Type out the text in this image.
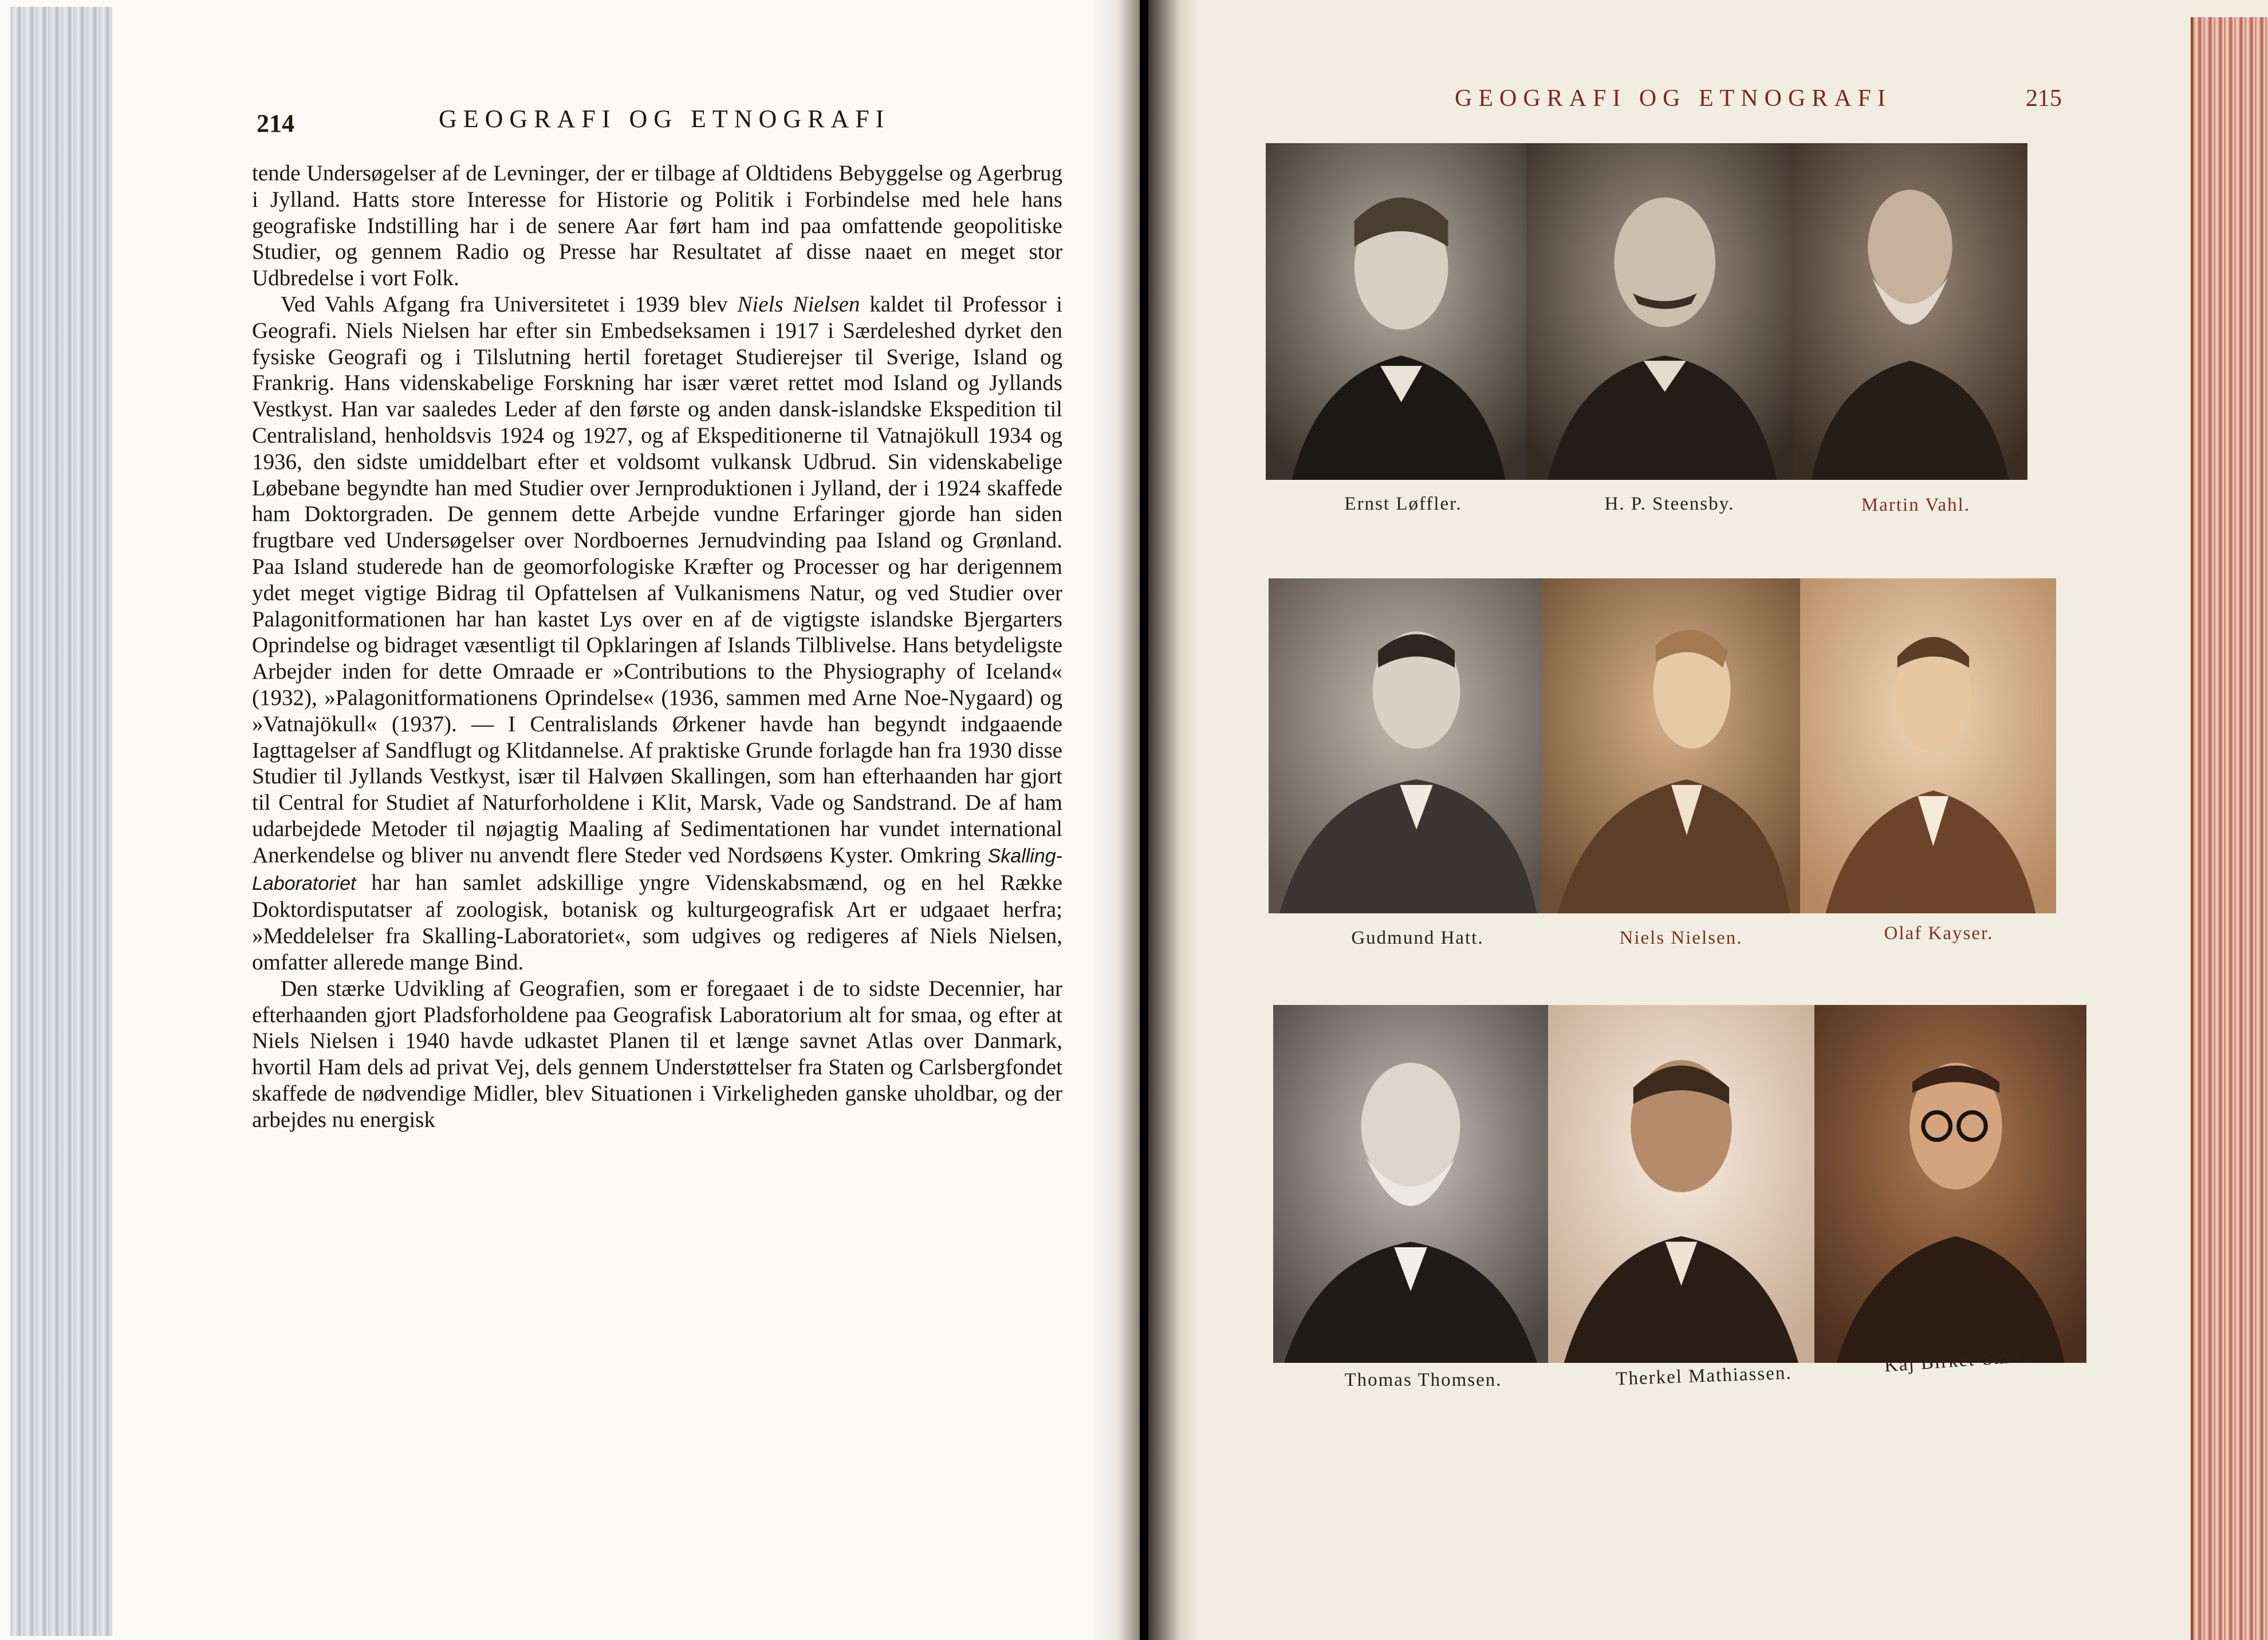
214	GEOGRAFI OG ETNOGRAFI

tende Undersøgelser af de Levninger, der er tilbage af Oldtidens Bebyggelse og Agerbrug i Jylland. Hatts store Interesse for Historie og Politik i Forbindelse med hele hans geografiske Indstilling har i de senere Aar ført ham ind paa omfattende geopolitiske Studier, og gennem Radio og Presse har Resultatet af disse naaet en meget stor Udbredelse i vort Folk.

Ved Vahls Afgang fra Universitetet i 1939 blev Niels Nielsen kaldet til Professor i Geografi. Niels Nielsen har efter sin Embedseksamen i 1917 i Særdeleshed dyrket den fysiske Geografi og i Tilslutning hertil foretaget Studierejser til Sverige, Island og Frankrig. Hans videnskabelige Forskning har især været rettet mod Island og Jyllands Vestkyst. Han var saaledes Leder af den første og anden dansk-islandske Ekspedition til Centralisland, henholdsvis 1924 og 1927, og af Ekspeditionerne til Vatnajökull 1934 og 1936, den sidste umiddelbart efter et voldsomt vulkansk Udbrud. Sin videnskabelige Løbebane begyndte han med Studier over Jernproduktionen i Jylland, der i 1924 skaffede ham Doktorgraden. De gennem dette Arbejde vundne Erfaringer gjorde han siden frugtbare ved Undersøgelser over Nordboernes Jernudvinding paa Island og Grønland. Paa Island studerede han de geomorfologiske Kræfter og Processer og har derigennem ydet meget vigtige Bidrag til Opfattelsen af Vulkanismens Natur, og ved Studier over Palagonitformationen har han kastet Lys over en af de vigtigste islandske Bjergarters Oprindelse og bidraget væsentligt til Opklaringen af Islands Tilblivelse. Hans betydeligste Arbejder inden for dette Omraade er »Contributions to the Physiography of Iceland« (1932), »Palagonitformationens Oprindelse« (1936, sammen med Arne Noe-Nygaard) og »Vatnajökull« (1937). — I Centralislands Ørkener havde han begyndt indgaaende Iagttagelser af Sandflugt og Klitdannelse. Af praktiske Grunde forlagde han fra 1930 disse Studier til Jyllands Vestkyst, især til Halvøen Skallingen, som han efterhaanden har gjort til Central for Studiet af Naturforholdene i Klit, Marsk, Vade og Sandstrand. De af ham udarbejdede Metoder til nøjagtig Maaling af Sedimentationen har vundet international Anerkendelse og bliver nu anvendt flere Steder ved Nordsøens Kyster. Omkring Skalling-Laboratoriet har han samlet adskillige yngre Videnskabsmænd, og en hel Række Doktordisputatser af zoologisk, botanisk og kulturgeografisk Art er udgaaet herfra; »Meddelelser fra Skalling-Laboratoriet«, som udgives og redigeres af Niels Nielsen, omfatter allerede mange Bind.

Den stærke Udvikling af Geografien, som er foregaaet i de to sidste Decennier, har efterhaanden gjort Pladsforholdene paa Geografisk Laboratorium alt for smaa, og efter at Niels Nielsen i 1940 havde udkastet Planen til et længe savnet Atlas over Danmark, hvortil Ham dels ad privat Vej, dels gennem Understøttelser fra Staten og Carlsbergfondet skaffede de nødvendige Midler, blev Situationen i Virkeligheden ganske uholdbar, og der arbejdes nu energisk

GEOGRAFI OG ETNOGRAFI	215
Ernst Løffler.	H. P. Steensby.	Martin Vahl.
Gudmund Hatt.	Niels Nielsen.	Olaf Kayser.
Thomas Thomsen.	Therkel Mathiassen.	Kaj Birket-Smith.
